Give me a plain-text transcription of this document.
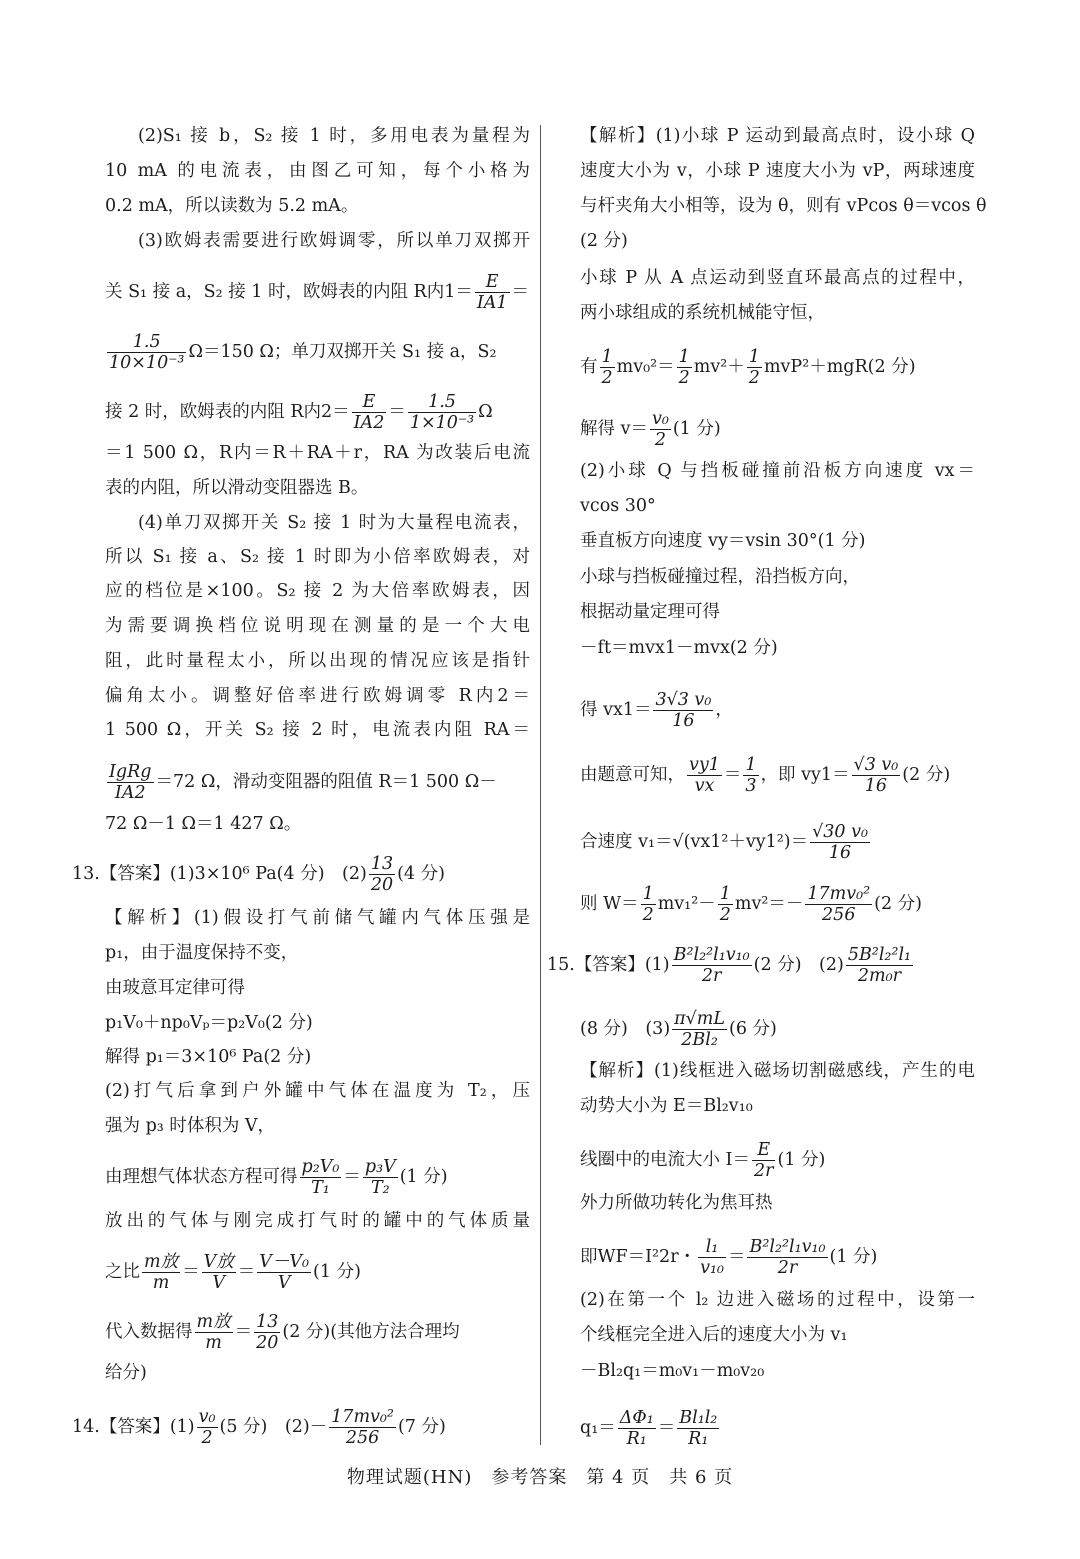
(2)S₁ 接 b，S₂ 接 1 时，多用电表为量程为
10 mA 的电流表，由图乙可知，每个小格为
0.2 mA，所以读数为 5.2 mA。
(3)欧姆表需要进行欧姆调零，所以单刀双掷开
关 S₁ 接 a，S₂ 接 1 时，欧姆表的内阻 R内$1= \frac{E}{IA1}$ ＝
$\frac{1.5}{\text{10×10⁻³}} \Omega=150$ Ω；单刀双掷开关 S₁ 接 a，S₂
接 2 时，欧姆表的内阻 R内$2= \frac{E}{IA2} = \frac{1.5}{\text{1×10⁻³}}$ Ω
＝1 500 Ω，R内＝R＋RA＋r，RA 为改装后电流
表的内阻，所以滑动变阻器选 B。
(4)单刀双掷开关 S₂ 接 1 时为大量程电流表，
所以 S₁ 接 a、S₂ 接 1 时即为小倍率欧姆表，对
应的档位是×100。S₂ 接 2 为大倍率欧姆表，因
为需要调换档位说明现在测量的是一个大电
阻，此时量程太小，所以出现的情况应该是指针
偏角太小。调整好倍率进行欧姆调零 R内2＝
1 500 Ω，开关 S₂ 接 2 时，电流表内阻 RA＝
IgRg
IA2
＝72 Ω，滑动变阻器的阻值 R＝1 500 Ω－
72 Ω－1 Ω＝1 427 Ω。
13.【答案】(1)3×10⁶ Pa(4 分)　$(2) \frac{13}{20} (4$ 分)
【解析】(1)假设打气前储气罐内气体压强是
p₁，由于温度保持不变，
由玻意耳定律可得
p₁V₀＋np₀Vₚ＝p₂V₀(2 分)
解得 p₁＝3×10⁶ Pa(2 分)
(2)打气后拿到户外罐中气体在温度为 T₂，压
强为 p₃ 时体积为 V，
由理想气体状态方程可得 $\frac{\text{p₂V₀}}{\text{T₁}} = \frac{\text{p₃V}}{\text{T₂}} (1$ 分)
放出的气体与刚完成打气时的罐中的气体质量
之比 m放
m
＝ V放
V
＝ $\frac{\text{V－V₀}}{V} (1$ 分)
代入数据得 m放
m
＝ $\frac{13}{20} (2$ 分)(其他方法合理均
给分)
14.【答案】$(1) \frac{\text{v₀}}{2} (5$ 分)　$(2)- \frac{\text{17mv₀²}}{256} (7$ 分)
【解析】(1)小球 P 运动到最高点时，设小球 Q
速度大小为 v，小球 P 速度大小为 vP，两球速度
与杆夹角大小相等，设为 θ，则有 vPcos θ＝vcos θ
(2 分)
小球 P 从 A 点运动到竖直环最高点的过程中，
两小球组成的系统机械能守恒，
有 $\frac{1}{2} mv_0^2= \frac{1}{2} mv^2+ \frac{1}{2} mvP^2+mgR(2$ 分)
解得 $v= \frac{\text{v₀}}{2} (1$ 分)
(2)小球 Q 与挡板碰撞前沿板方向速度 vx＝
vcos 30°
垂直板方向速度 vy＝vsin 30°(1 分)
小球与挡板碰撞过程，沿挡板方向，
根据动量定理可得
－ft＝mvx1－mvx(2 分)
得 $vx1= \frac{\text{3√3 v₀}}{16}$ ，
由题意可知， $\frac{vy1}{vx} = \frac{1}{3}$ ，即 $vy1= \frac{\text{√3 v₀}}{16} (2$ 分)
合速度 $v_1=√(vx1^2+vy1^2)= \frac{\text{√30 v₀}}{16}$
则 $W= \frac{1}{2} mv_1^2- \frac{1}{2} mv^2=- \frac{\text{17mv₀²}}{256} (2$ 分)
15.【答案】$(1) \frac{\text{B²l₂²l₁v₁₀}}{2r} (2$ 分)　$(2) \frac{\text{5B²l₂²l₁}}{\text{2m₀r}}$
(8 分)　$(3) \frac{\pi√mL}{\text{2Bl₂}} (6$ 分)
【解析】(1)线框进入磁场切割磁感线，产生的电
动势大小为 E＝Bl₂v₁₀
线圈中的电流大小 $I= \frac{E}{2r} (1$ 分)
外力所做功转化为焦耳热
即WF＝I²2r・ $\frac{\text{l₁}}{\text{v₁₀}} = \frac{\text{B²l₂²l₁v₁₀}}{2r} (1$ 分)
(2)在第一个 l₂ 边进入磁场的过程中，设第一
个线框完全进入后的速度大小为 v₁
－Bl₂q₁＝m₀v₁－m₀v₂₀
$q_1= \frac{\text{ΔΦ₁}}{\text{R₁}} = \frac{\text{Bl₁l₂}}{\text{R₁}}$
物理试题(HN)　参考答案　第 4 页　共 6 页
